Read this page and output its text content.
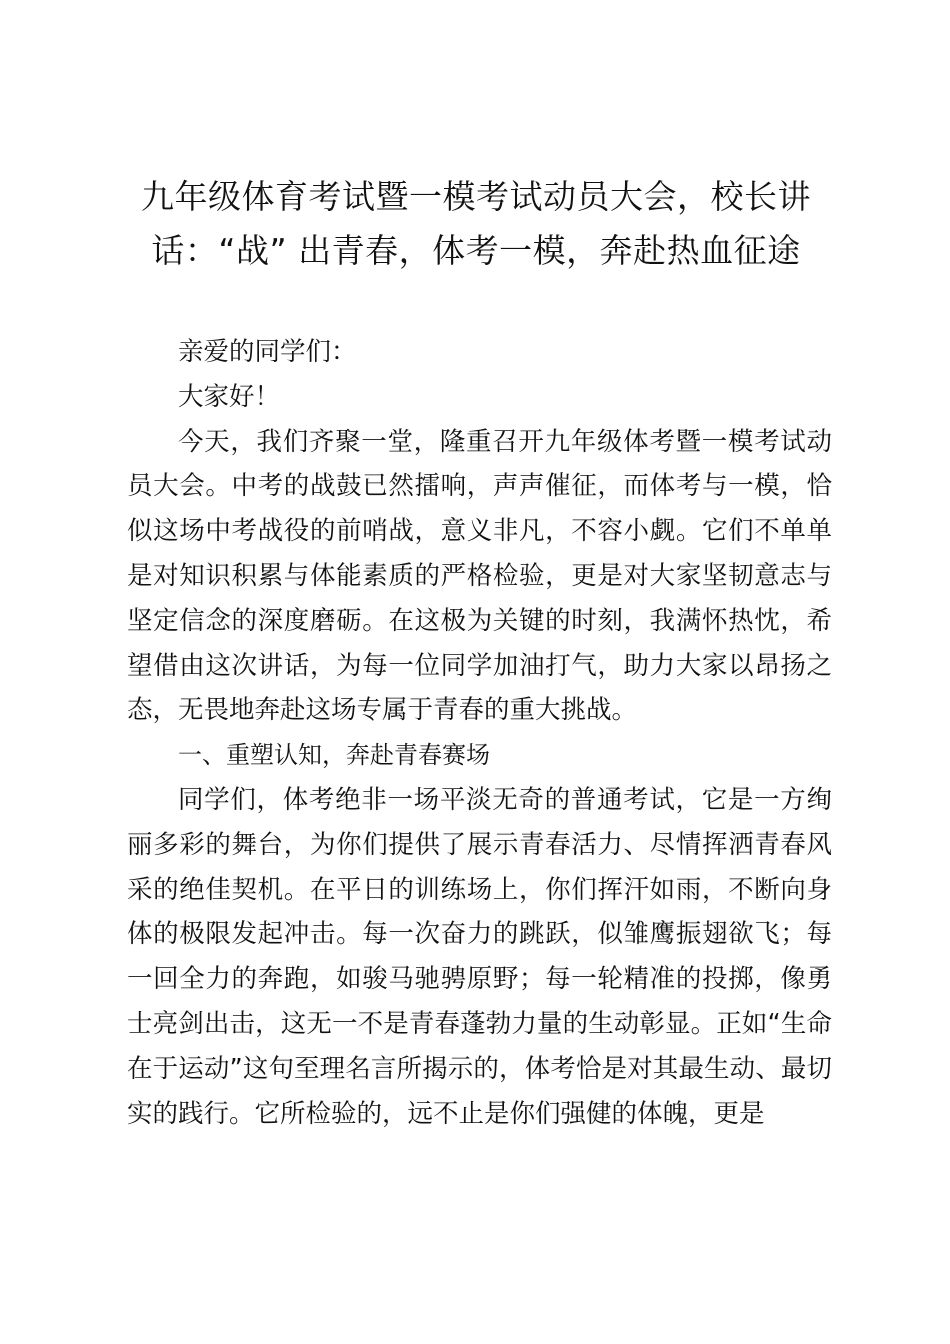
九年级体育考试暨一模考试动员大会，校长讲话：“战” 出青春，体考一模，奔赴热血征途

亲爱的同学们：

大家好！

今天，我们齐聚一堂，隆重召开九年级体考暨一模考试动员大会。中考的战鼓已然擂响，声声催征，而体考与一模，恰似这场中考战役的前哨战，意义非凡，不容小觑。它们不单单是对知识积累与体能素质的严格检验，更是对大家坚韧意志与坚定信念的深度磨砺。在这极为关键的时刻，我满怀热忱，希望借由这次讲话，为每一位同学加油打气，助力大家以昂扬之态，无畏地奔赴这场专属于青春的重大挑战。

一、重塑认知，奔赴青春赛场

同学们，体考绝非一场平淡无奇的普通考试，它是一方绚丽多彩的舞台，为你们提供了展示青春活力、尽情挥洒青春风采的绝佳契机。在平日的训练场上，你们挥汗如雨，不断向身体的极限发起冲击。每一次奋力的跳跃，似雏鹰振翅欲飞；每一回全力的奔跑，如骏马驰骋原野；每一轮精准的投掷，像勇士亮剑出击，这无一不是青春蓬勃力量的生动彰显。正如“生命在于运动”这句至理名言所揭示的，体考恰是对其最生动、最切实的践行。它所检验的，远不止是你们强健的体魄，更是
